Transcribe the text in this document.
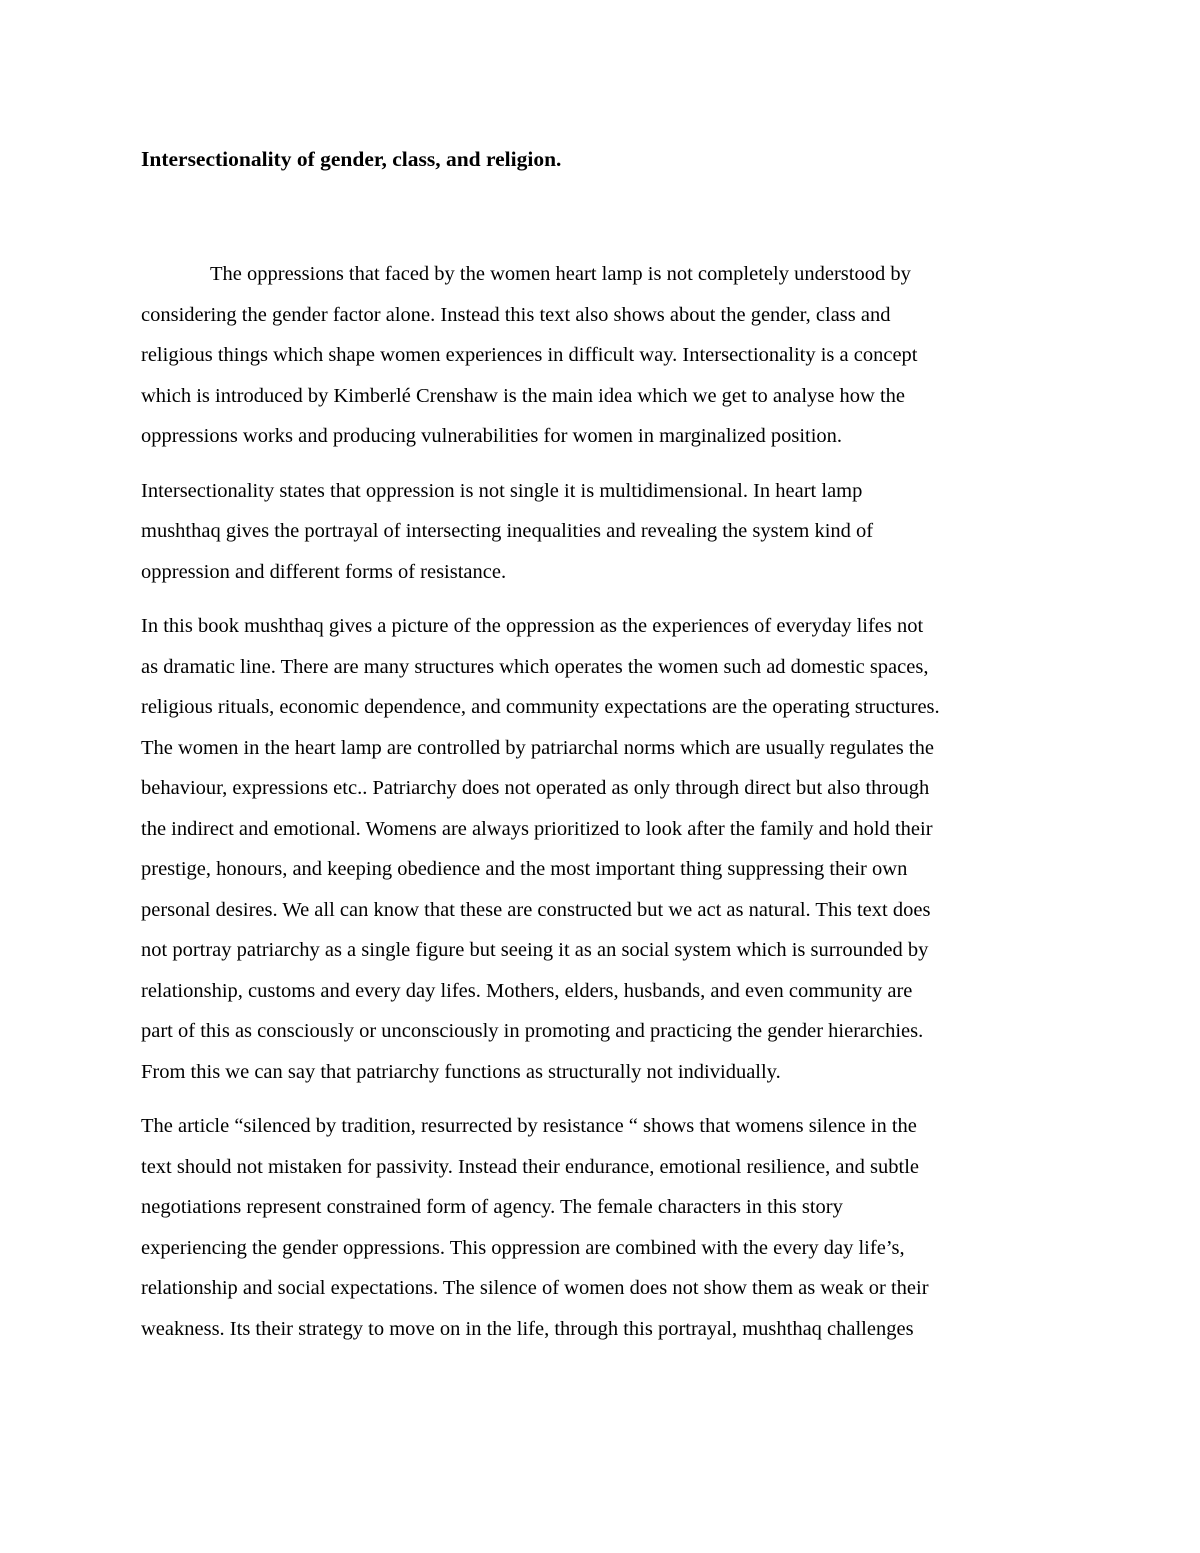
Intersectionality of gender, class, and religion.
The oppressions that faced by the women heart lamp is not completely understood by
considering the gender factor alone. Instead this text also shows about the gender, class and
religious things which shape women experiences in difficult way. Intersectionality is a concept
which is introduced by Kimberlé Crenshaw is the main idea which we get to analyse how the
oppressions works and producing vulnerabilities for women in marginalized position.
Intersectionality states that oppression is not single it is multidimensional. In heart lamp
mushthaq gives the portrayal of intersecting inequalities and revealing the system kind of
oppression and different forms of resistance.
In this book mushthaq gives a picture of the oppression as the experiences of everyday lifes not
as dramatic line. There are many structures which operates the women such ad domestic spaces,
religious rituals, economic dependence, and community expectations are the operating structures.
The women in the heart lamp are controlled by patriarchal norms which are usually regulates the
behaviour, expressions etc.. Patriarchy does not operated as only through direct but also through
the indirect and emotional. Womens are always prioritized to look after the family and hold their
prestige, honours, and keeping obedience and the most important thing suppressing their own
personal desires. We all can know that these are constructed but we act as natural. This text does
not portray patriarchy as a single figure but seeing it as an social system which is surrounded by
relationship, customs and every day lifes. Mothers, elders, husbands, and even community are
part of this as consciously or unconsciously in promoting and practicing the gender hierarchies.
From this we can say that patriarchy functions as structurally not individually.
The article “silenced by tradition, resurrected by resistance “ shows that womens silence in the
text should not mistaken for passivity. Instead their endurance, emotional resilience, and subtle
negotiations represent constrained form of agency. The female characters in this story
experiencing the gender oppressions. This oppression are combined with the every day life’s,
relationship and social expectations. The silence of women does not show them as weak or their
weakness. Its their strategy to move on in the life, through this portrayal, mushthaq challenges
